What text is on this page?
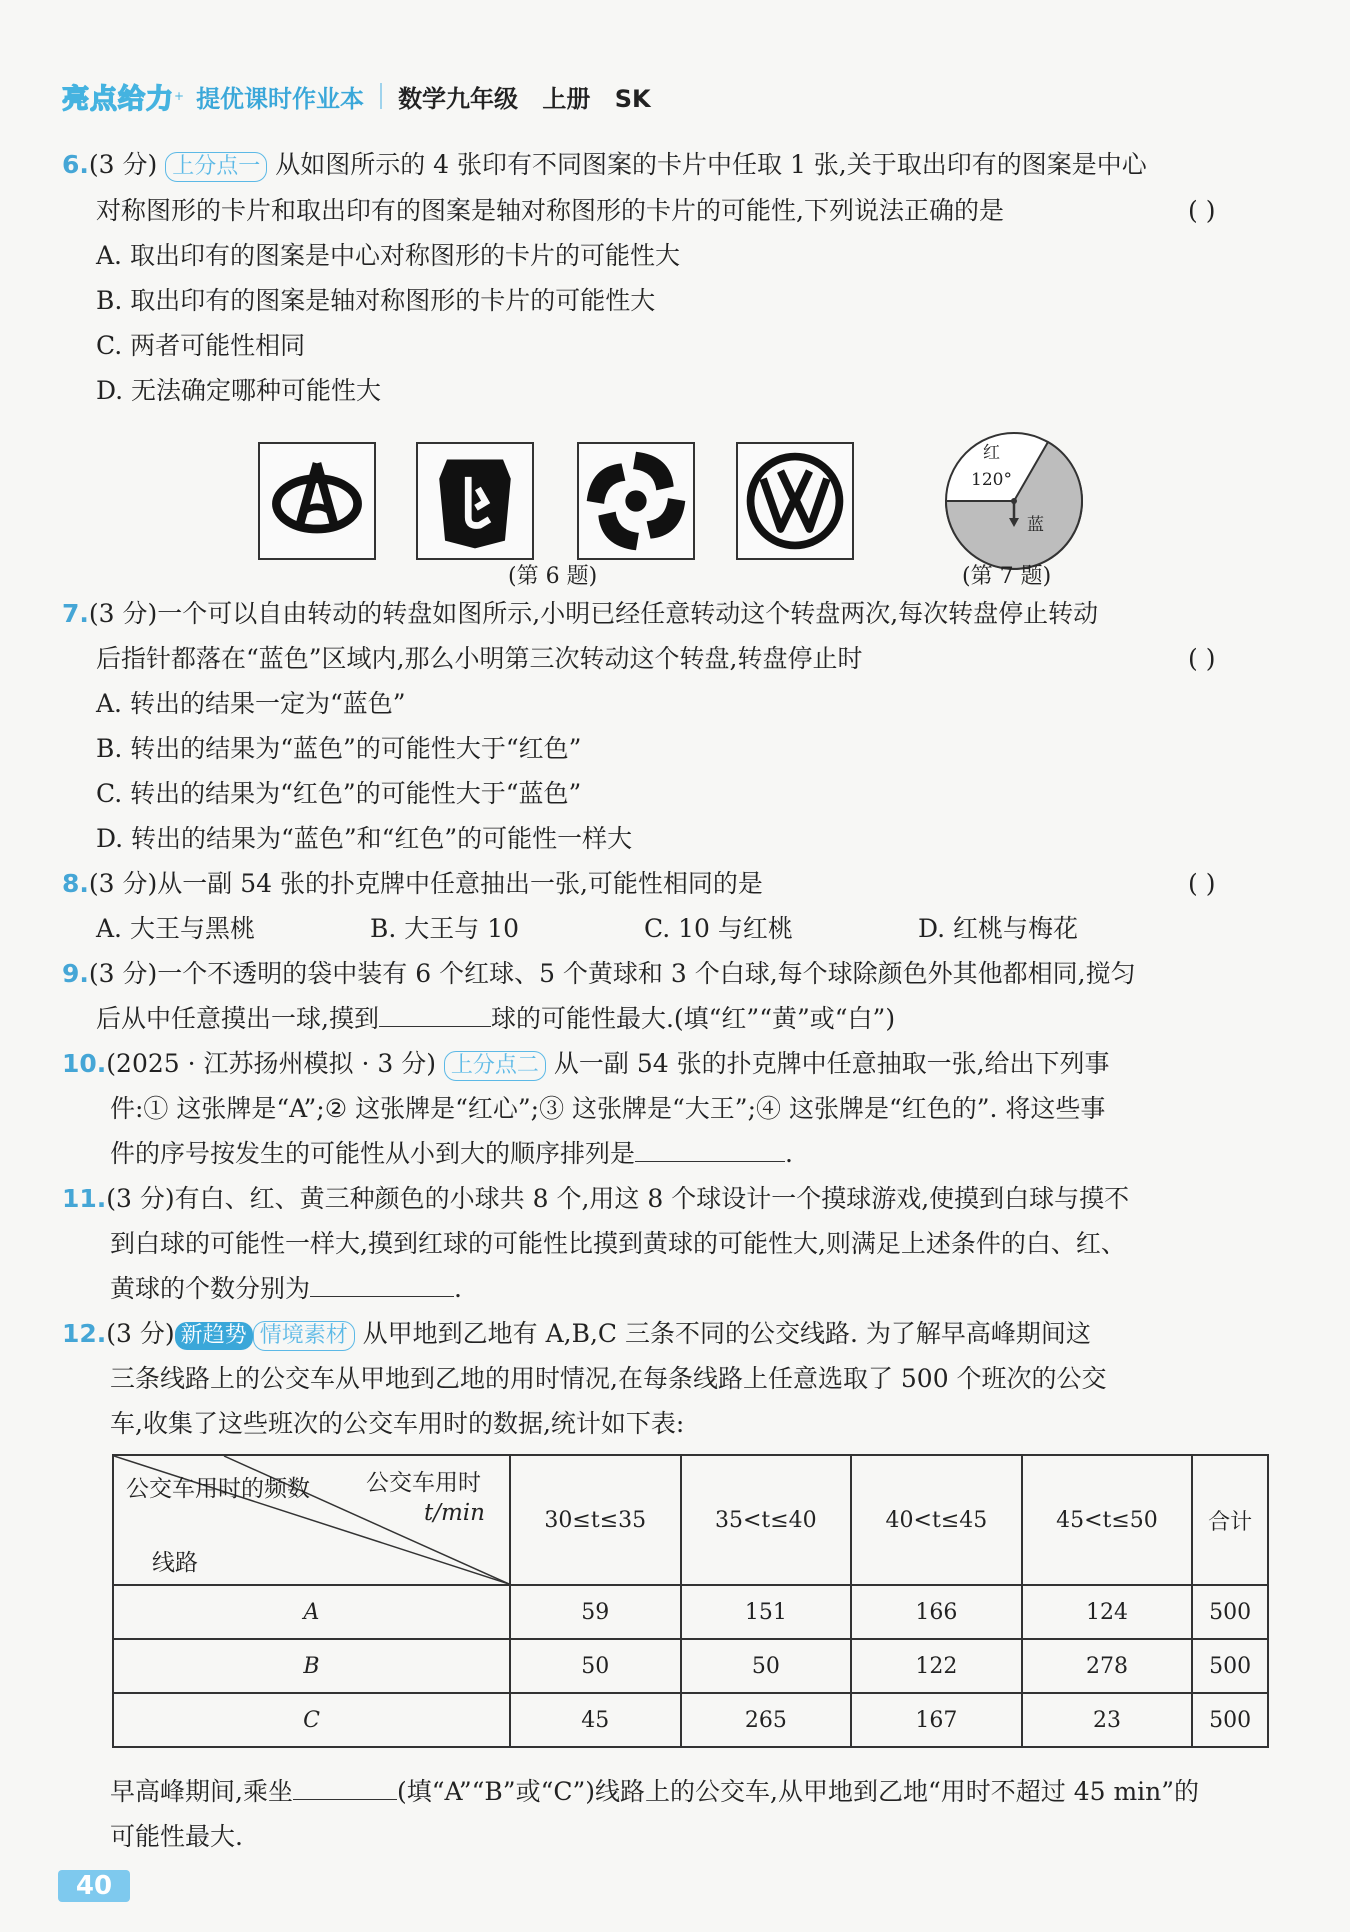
亮点给力 + 提优课时作业本 数学九年级 上册 SK
6.(3 分) 上分点一 从如图所示的 4 张印有不同图案的卡片中任取 1 张,关于取出印有的图案是中心
对称图形的卡片和取出印有的图案是轴对称图形的卡片的可能性,下列说法正确的是	( )
A. 取出印有的图案是中心对称图形的卡片的可能性大
B. 取出印有的图案是轴对称图形的卡片的可能性大
C. 两者可能性相同
D. 无法确定哪种可能性大
(第 6 题)
红
120°
蓝
(第 7 题)
7.(3 分)一个可以自由转动的转盘如图所示,小明已经任意转动这个转盘两次,每次转盘停止转动
后指针都落在“蓝色”区域内,那么小明第三次转动这个转盘,转盘停止时	( )
A. 转出的结果一定为“蓝色”
B. 转出的结果为“蓝色”的可能性大于“红色”
C. 转出的结果为“红色”的可能性大于“蓝色”
D. 转出的结果为“蓝色”和“红色”的可能性一样大
8.(3 分)从一副 54 张的扑克牌中任意抽出一张,可能性相同的是	( )
A. 大王与黑桃	B. 大王与 10	C. 10 与红桃	D. 红桃与梅花
9.(3 分)一个不透明的袋中装有 6 个红球、5 个黄球和 3 个白球,每个球除颜色外其他都相同,搅匀
后从中任意摸出一球,摸到	球的可能性最大.(填“红”“黄”或“白”)
10.(2025 · 江苏扬州模拟 · 3 分) 上分点二 从一副 54 张的扑克牌中任意抽取一张,给出下列事
件:① 这张牌是“A”;② 这张牌是“红心”;③ 这张牌是“大王”;④ 这张牌是“红色的”. 将这些事
件的序号按发生的可能性从小到大的顺序排列是	.
11.(3 分)有白、红、黄三种颜色的小球共 8 个,用这 8 个球设计一个摸球游戏,使摸到白球与摸不
到白球的可能性一样大,摸到红球的可能性比摸到黄球的可能性大,则满足上述条件的白、红、
黄球的个数分别为	.
12.(3 分) 新趋势 情境素材 从甲地到乙地有 A,B,C 三条不同的公交线路. 为了解早高峰期间这
三条线路上的公交车从甲地到乙地的用时情况,在每条线路上任意选取了 500 个班次的公交
车,收集了这些班次的公交车用时的数据,统计如下表:
公交车用时
t/min
公交车用时的频数
线路	30≤t≤35	35<t≤40	40<t≤45	45<t≤50	合计
A	59	151	166	124	500
B	50	50	122	278	500
C	45	265	167	23	500
早高峰期间,乘坐	(填“A”“B”或“C”)线路上的公交车,从甲地到乙地“用时不超过 45 min”的
可能性最大.
40
